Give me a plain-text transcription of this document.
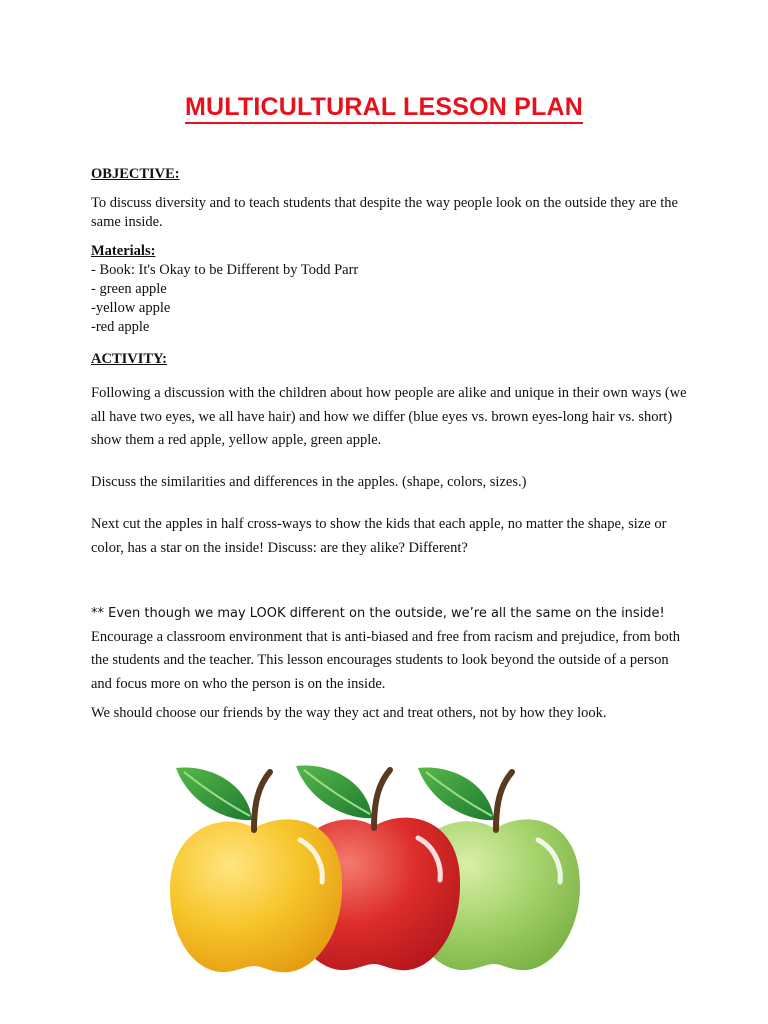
MULTICULTURAL LESSON PLAN
OBJECTIVE:
To discuss diversity and to teach students that despite the way people look on the outside they are the same inside.
Materials:
- Book: It's Okay to be Different by Todd Parr
- green apple
-yellow apple
-red apple
ACTIVITY:
Following a discussion with the children about how people are alike and unique in their own ways (we all have two eyes, we all have hair) and how we differ (blue eyes vs. brown eyes-long hair vs. short) show them a red apple, yellow apple, green apple.
Discuss the similarities and differences in the apples. (shape, colors, sizes.)
Next cut the apples in half cross-ways to show the kids that each apple, no matter the shape, size or color, has a star on the inside! Discuss: are they alike? Different?
** Even though we may LOOK different on the outside, we’re all the same on the inside!
Encourage a classroom environment that is anti-biased and free from racism and prejudice, from both the students and the teacher. This lesson encourages students to look beyond the outside of a person and focus more on who the person is on the inside.
We should choose our friends by the way they act and treat others, not by how they look.
